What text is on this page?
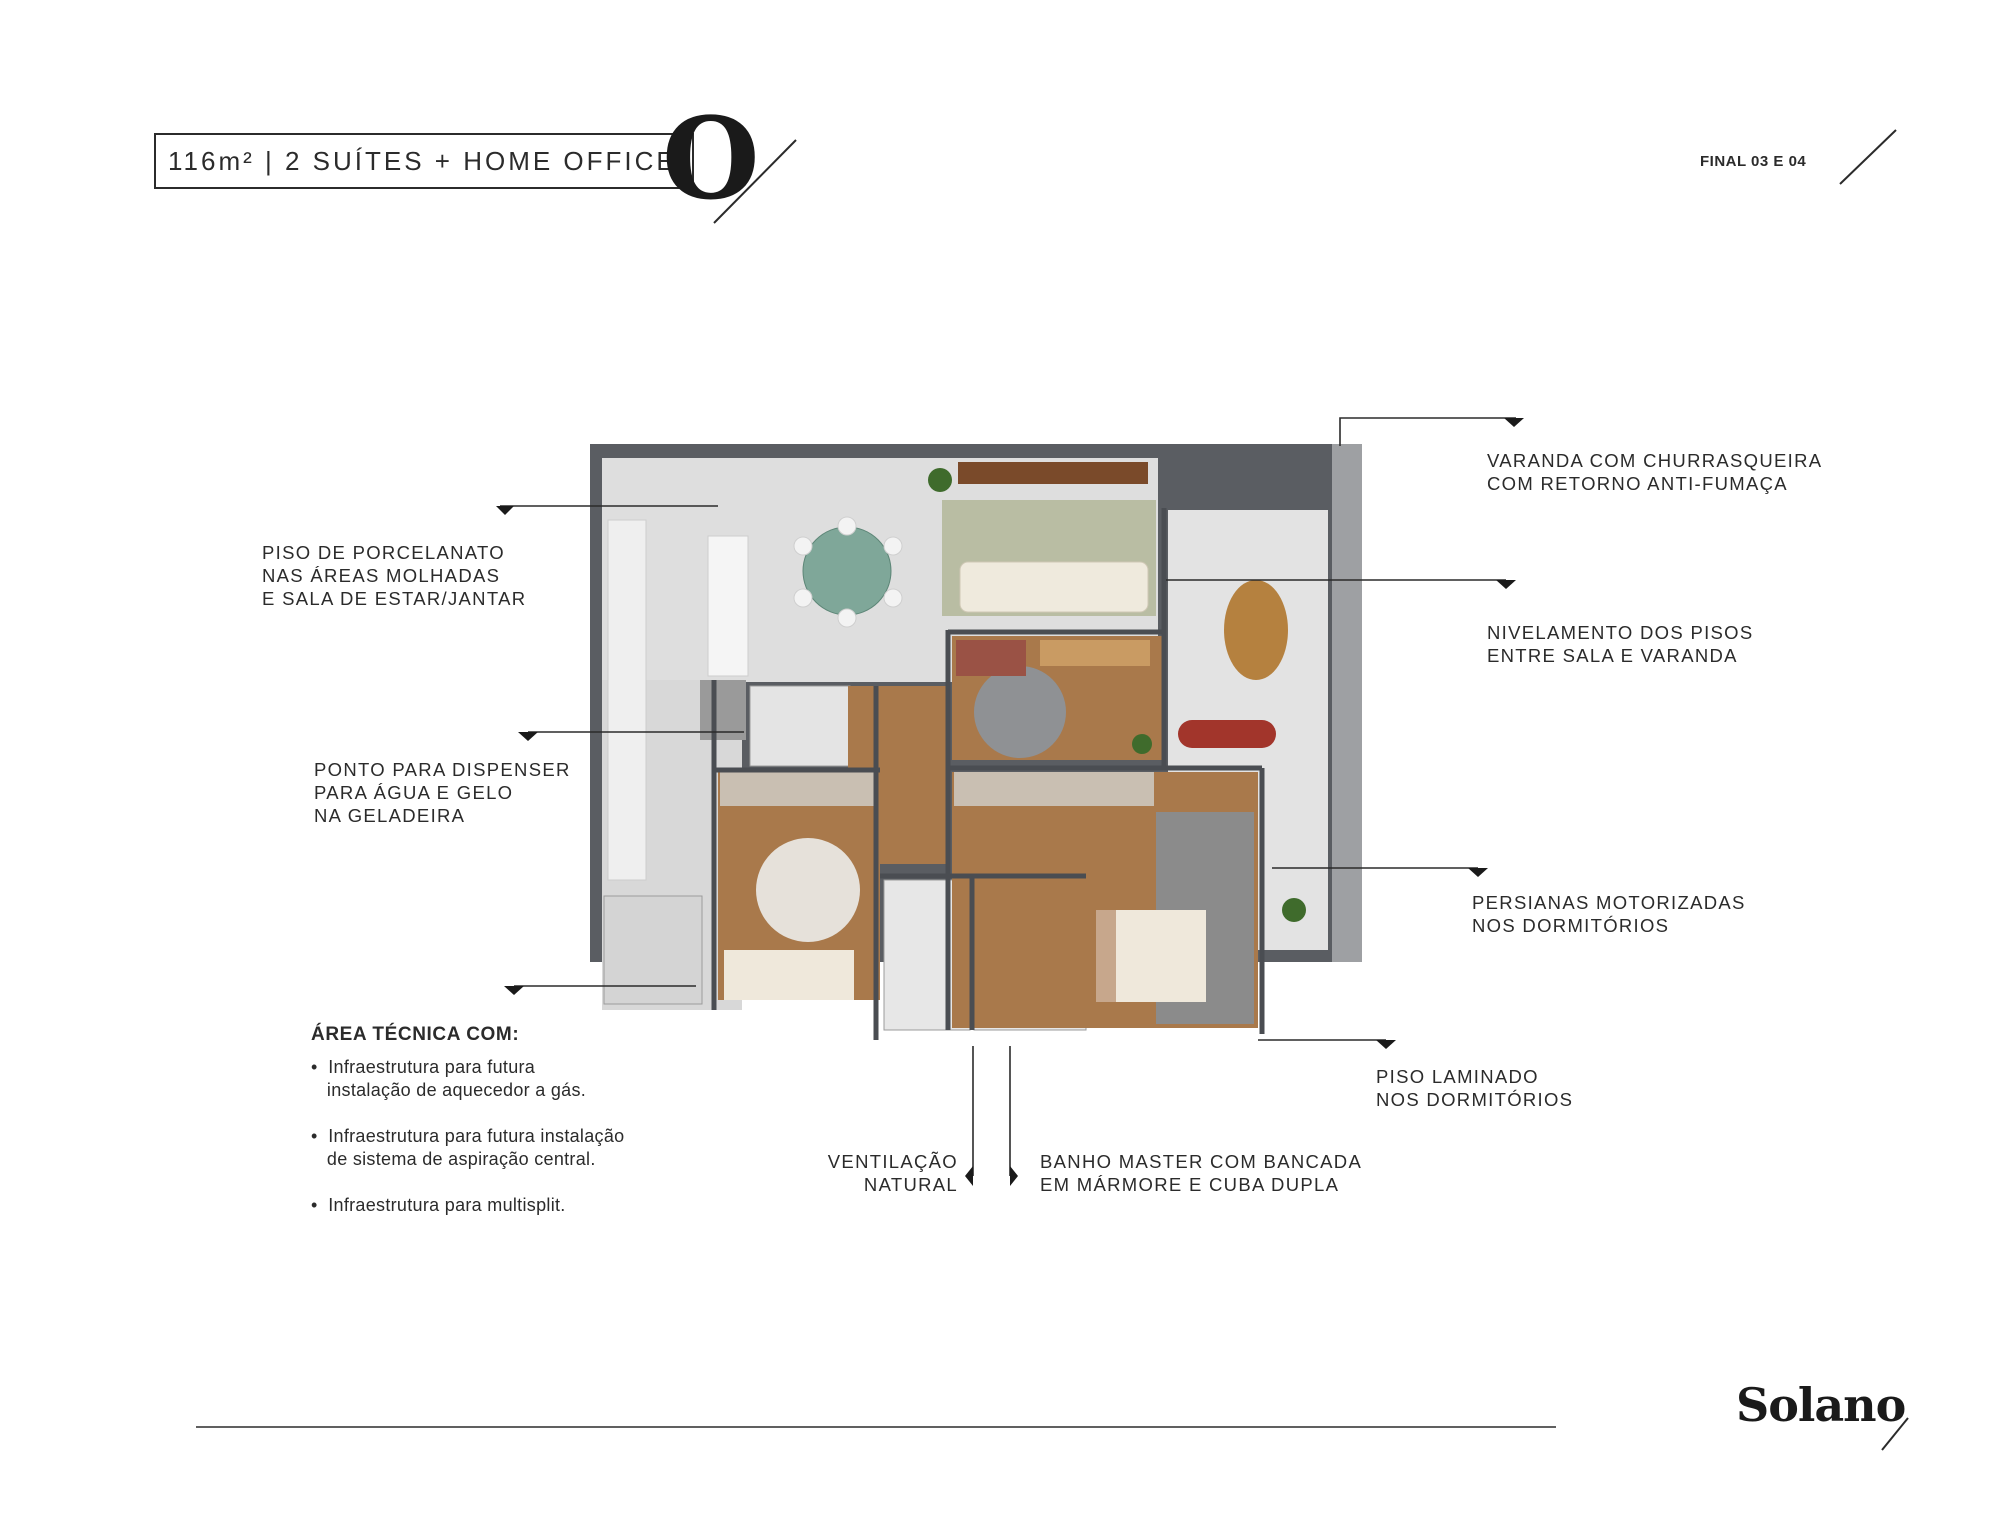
116m² | 2 SUÍTES + HOME OFFICE
O	FINAL 03 E 04
PISO DE PORCELANATO
NAS ÁREAS MOLHADAS
E SALA DE ESTAR/JANTAR
PONTO PARA DISPENSER
PARA ÁGUA E GELO
NA GELADEIRA
VARANDA COM CHURRASQUEIRA
COM RETORNO ANTI-FUMAÇA
NIVELAMENTO DOS PISOS
ENTRE SALA E VARANDA
PERSIANAS MOTORIZADAS
NOS DORMITÓRIOS
PISO LAMINADO
NOS DORMITÓRIOS
VENTILAÇÃO
NATURAL
BANHO MASTER COM BANCADA
EM MÁRMORE E CUBA DUPLA
ÁREA TÉCNICA COM:
•  Infraestrutura para futura
instalação de aquecedor a gás.
•  Infraestrutura para futura instalação
de sistema de aspiração central.
•  Infraestrutura para multisplit.
Solano
